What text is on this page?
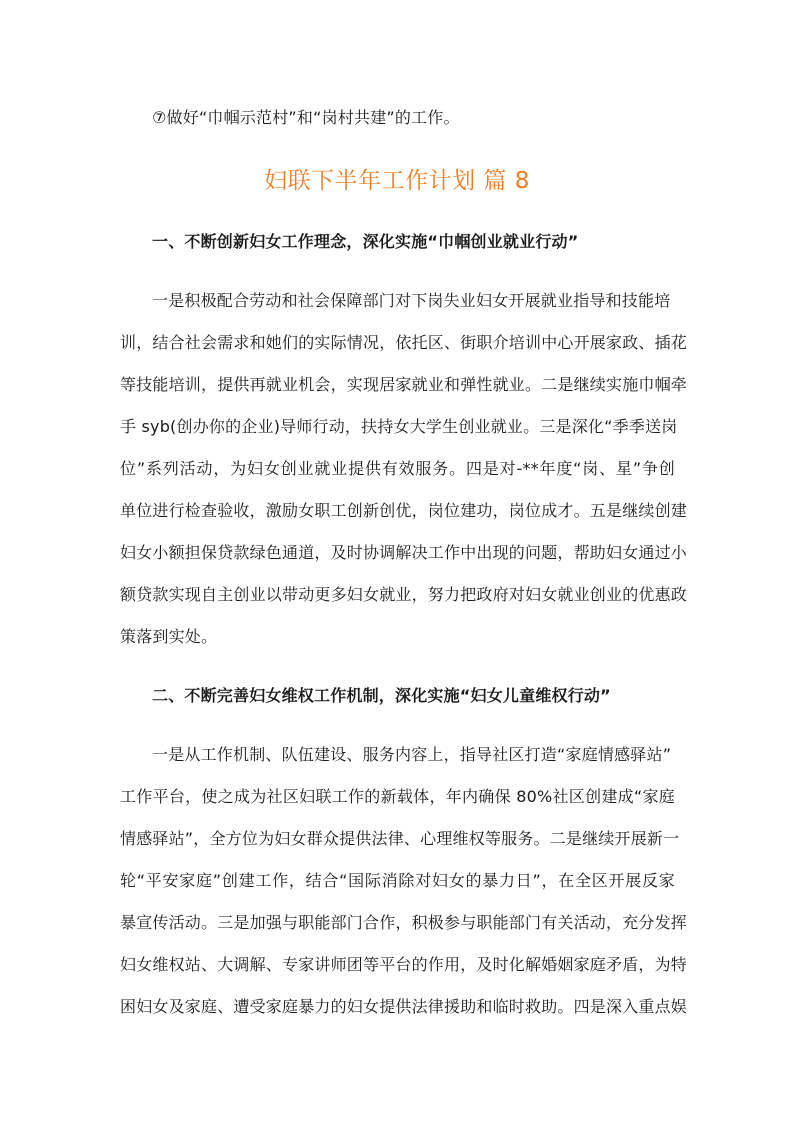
⑦做好“巾帼示范村”和“岗村共建”的工作。
妇联下半年工作计划 篇 8
一、不断创新妇女工作理念，深化实施“巾帼创业就业行动”
一是积极配合劳动和社会保障部门对下岗失业妇女开展就业指导和技能培
训，结合社会需求和她们的实际情况，依托区、街职介培训中心开展家政、插花
等技能培训，提供再就业机会，实现居家就业和弹性就业。二是继续实施巾帼牵
手 syb(创办你的企业)导师行动，扶持女大学生创业就业。三是深化“季季送岗
位”系列活动，为妇女创业就业提供有效服务。四是对-**年度“岗、星”争创
单位进行检查验收，激励女职工创新创优，岗位建功，岗位成才。五是继续创建
妇女小额担保贷款绿色通道，及时协调解决工作中出现的问题，帮助妇女通过小
额贷款实现自主创业以带动更多妇女就业，努力把政府对妇女就业创业的优惠政
策落到实处。
二、不断完善妇女维权工作机制，深化实施“妇女儿童维权行动”
一是从工作机制、队伍建设、服务内容上，指导社区打造“家庭情感驿站”
工作平台，使之成为社区妇联工作的新载体，年内确保 80%社区创建成“家庭
情感驿站”，全方位为妇女群众提供法律、心理维权等服务。二是继续开展新一
轮“平安家庭”创建工作，结合“国际消除对妇女的暴力日”，在全区开展反家
暴宣传活动。三是加强与职能部门合作，积极参与职能部门有关活动，充分发挥
妇女维权站、大调解、专家讲师团等平台的作用，及时化解婚姻家庭矛盾，为特
困妇女及家庭、遭受家庭暴力的妇女提供法律援助和临时救助。四是深入重点娱
